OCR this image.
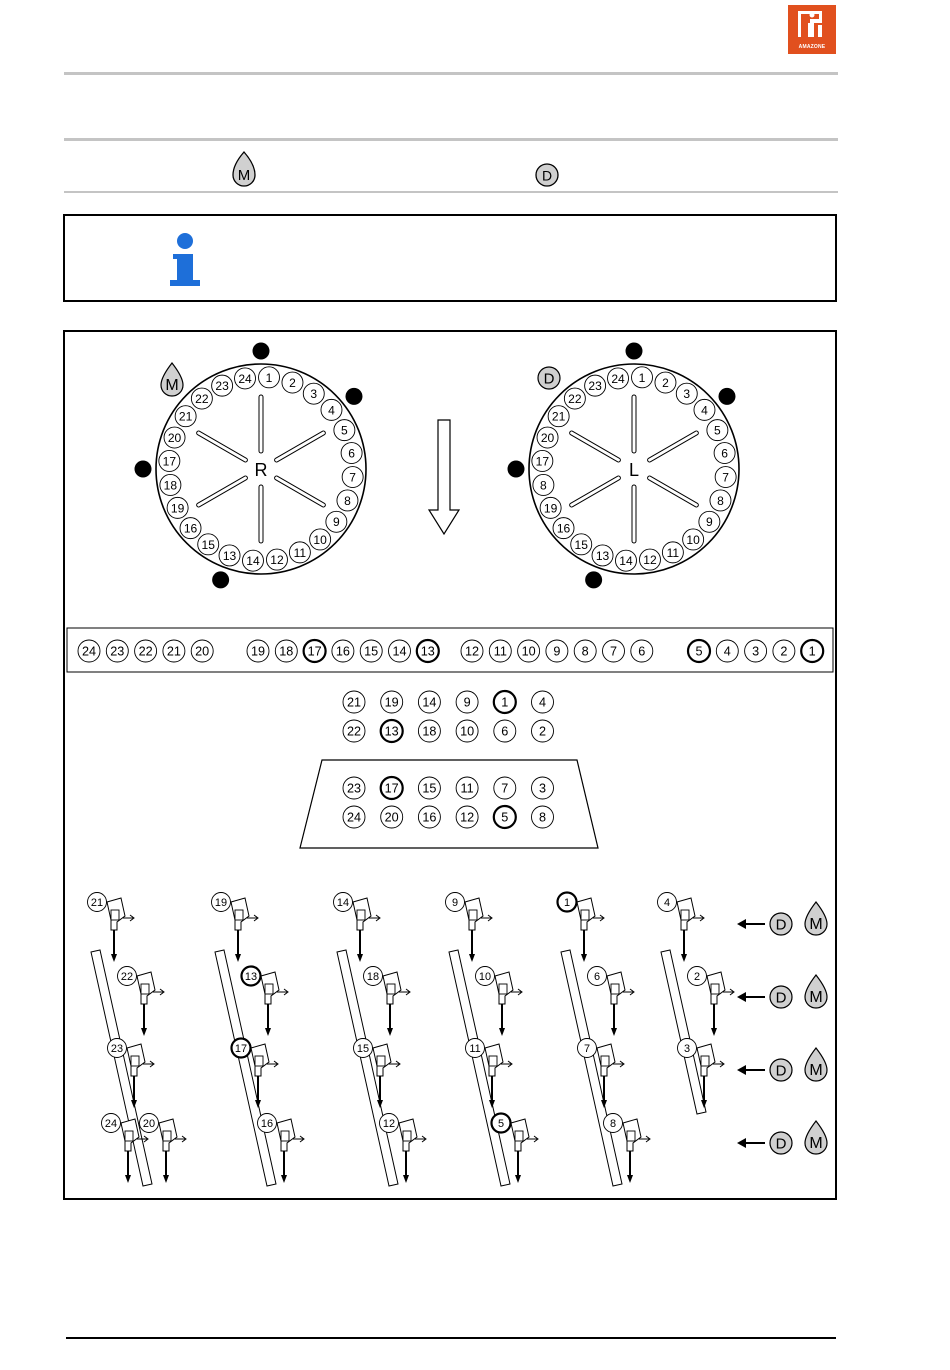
AMAZONE
M	D
R
1 2
3
4
5
6
7
8
9
10
11
12
14
13
15
16
19
18
17
20
21
22
23
24
L
1 2
3
4
5
6
7
8
9
10
11
12
14
13
15
16
19
8
17
20
21
22
23
24
M	D
24 23 22 21 20	19 18 17 16 15 14 13 12 11 10 9 8 7 6	5 4 3 2 1
21 19 14 9 1 4
22 13 18 10 6 2
23 17 15 11 7 3
24 20 16 12 5 8
21
22
23
24 20
19
13
17
16
14
18
15
12
9
10
11
5
1
6
7
8
4
2
3
D M
D M
D M
D M
